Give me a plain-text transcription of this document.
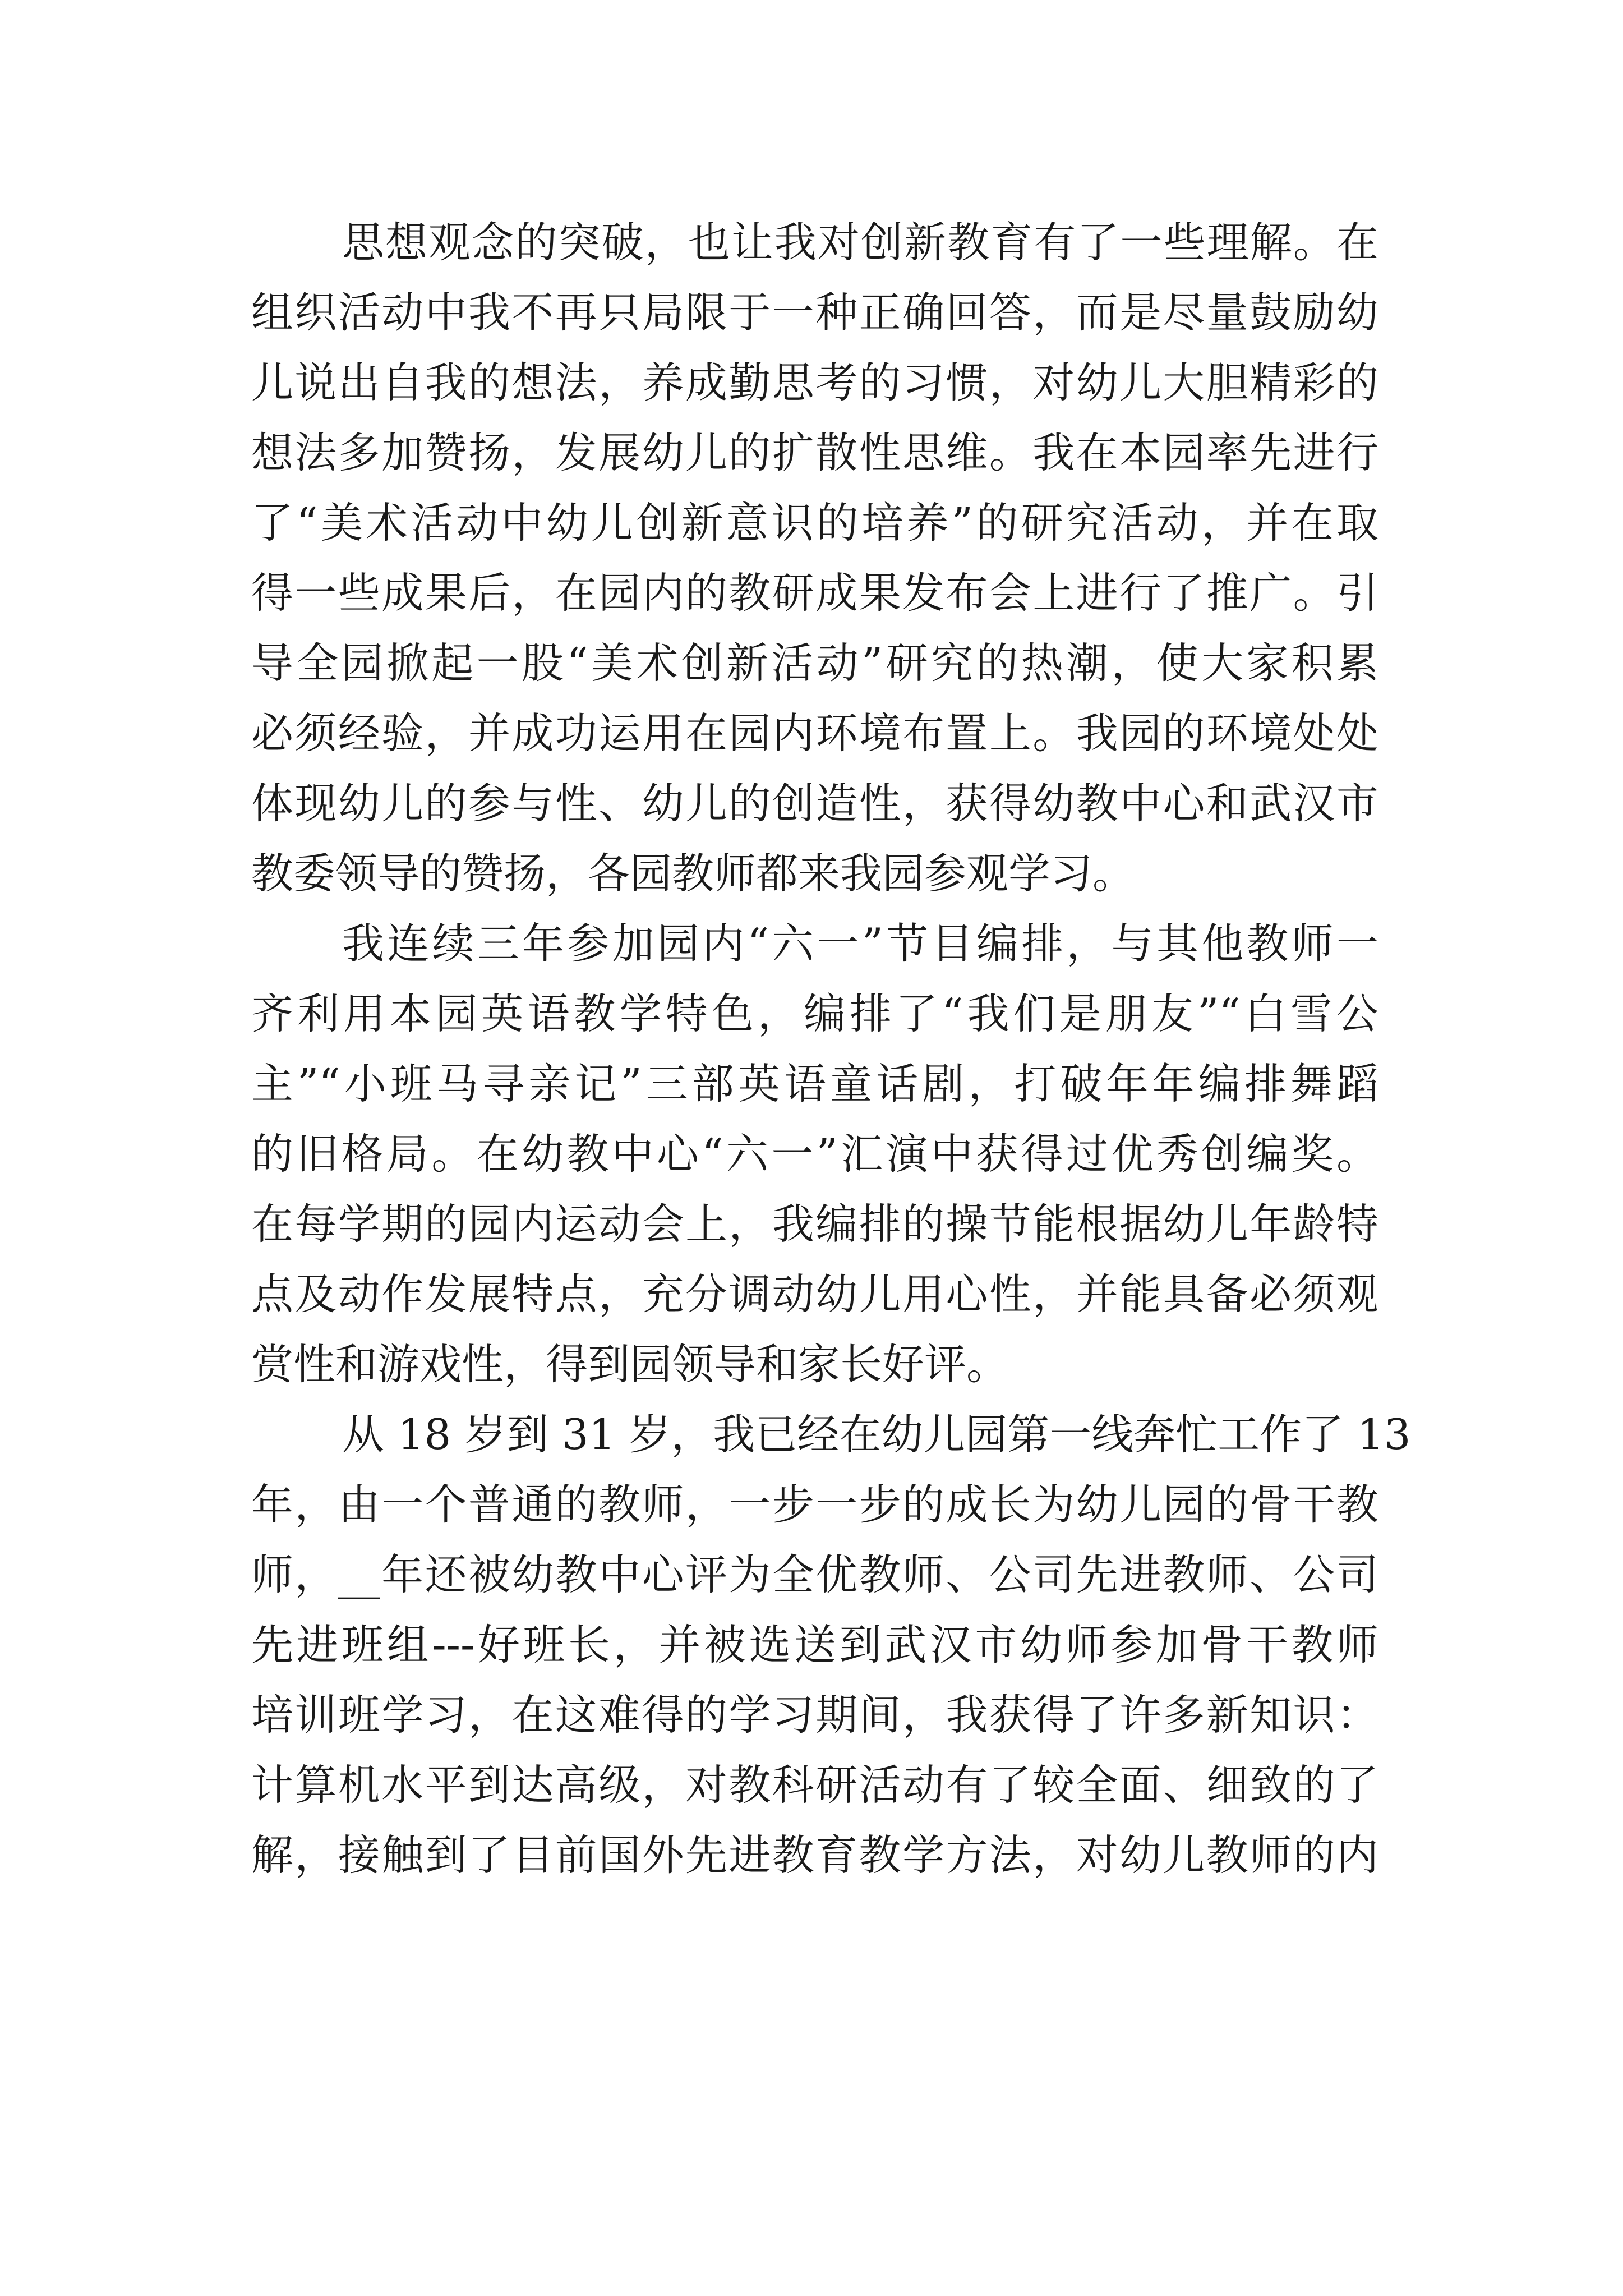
思想观念的突破，也让我对创新教育有了一些理解。在
组织活动中我不再只局限于一种正确回答，而是尽量鼓励幼
儿说出自我的想法，养成勤思考的习惯，对幼儿大胆精彩的
想法多加赞扬，发展幼儿的扩散性思维。我在本园率先进行
了“美术活动中幼儿创新意识的培养”的研究活动，并在取
得一些成果后，在园内的教研成果发布会上进行了推广。引
导全园掀起一股“美术创新活动”研究的热潮，使大家积累
必须经验，并成功运用在园内环境布置上。我园的环境处处
体现幼儿的参与性、幼儿的创造性，获得幼教中心和武汉市
教委领导的赞扬，各园教师都来我园参观学习。
我连续三年参加园内“六一”节目编排，与其他教师一
齐利用本园英语教学特色，编排了“我们是朋友”“白雪公
主”“小班马寻亲记”三部英语童话剧，打破年年编排舞蹈
的旧格局。在幼教中心“六一”汇演中获得过优秀创编奖。
在每学期的园内运动会上，我编排的操节能根据幼儿年龄特
点及动作发展特点，充分调动幼儿用心性，并能具备必须观
赏性和游戏性，得到园领导和家长好评。
从 18 岁到 31 岁，我已经在幼儿园第一线奔忙工作了 13
年，由一个普通的教师，一步一步的成长为幼儿园的骨干教
师，__年还被幼教中心评为全优教师、公司先进教师、公司
先进班组---好班长，并被选送到武汉市幼师参加骨干教师
培训班学习，在这难得的学习期间，我获得了许多新知识：
计算机水平到达高级，对教科研活动有了较全面、细致的了
解，接触到了目前国外先进教育教学方法，对幼儿教师的内
